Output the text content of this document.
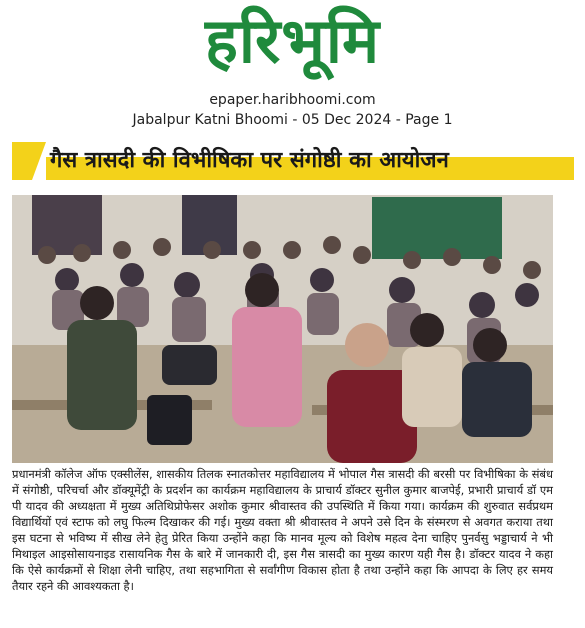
हरिभूमि
epaper.haribhoomi.com
Jabalpur Katni Bhoomi - 05 Dec 2024 - Page 1
गैस त्रासदी की विभीषिका पर संगोष्ठी का आयोजन
प्रधानमंत्री कॉलेज ऑफ एक्सीलेंस, शासकीय तिलक स्नातकोत्तर महाविद्यालय में भोपाल गैस त्रासदी की बरसी पर विभीषिका के संबंध में संगोष्ठी, परिचर्चा और डॉक्यूमेंट्री के प्रदर्शन का कार्यक्रम महाविद्यालय के प्राचार्य डॉक्टर सुनील कुमार बाजपेई, प्रभारी प्राचार्य डॉ एम पी यादव की अध्यक्षता में मुख्य अतिथिप्रोफेसर अशोक कुमार श्रीवास्तव की उपस्थिति में किया गया। कार्यक्रम की शुरुवात सर्वप्रथम विद्यार्थियों एवं स्टाफ को लघु फिल्म दिखाकर की गई। मुख्य वक्ता श्री श्रीवास्तव ने अपने उसे दिन के संस्मरण से अवगत कराया तथा इस घटना से भविष्य में सीख लेने हेतु प्रेरित किया उन्होंने कहा कि मानव मूल्य को विशेष महत्व देना चाहिए पुनर्वसु भड्डाचार्य ने भी मिथाइल आइसोसायनाइड रासायनिक गैस के बारे में जानकारी दी, इस गैस त्रासदी का मुख्य कारण यही गैस है। डॉक्टर यादव ने कहा कि ऐसे कार्यक्रमों से शिक्षा लेनी चाहिए, तथा सहभागिता से सर्वांगीण विकास होता है तथा उन्होंने कहा कि आपदा के लिए हर समय तैयार रहने की आवश्यकता है।
